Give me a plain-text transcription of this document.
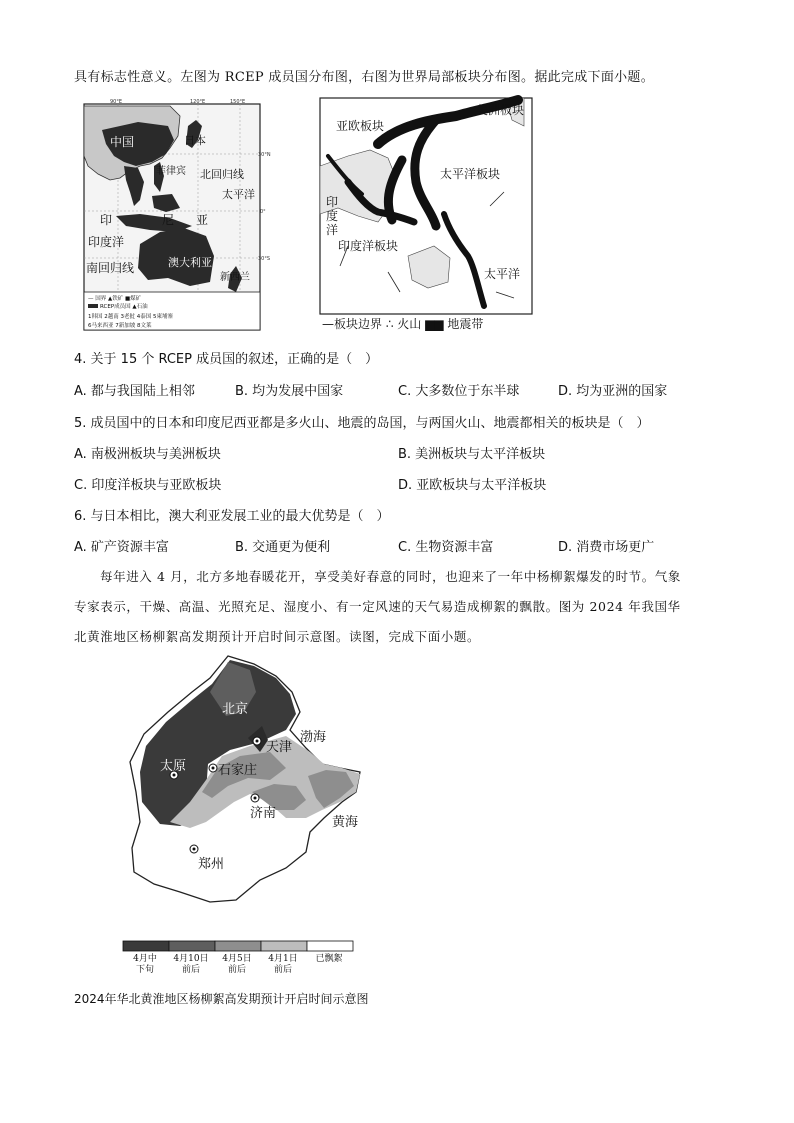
具有标志性意义。左图为 RCEP 成员国分布图，右图为世界局部板块分布图。据此完成下面小题。
90°E	120°E	150°E
30°N
0°
30°S
中国	日本
北回归线
菲律宾
太平洋
印	尼 亚
印度洋
南回归线	澳大利亚
新西兰
— 国界 ▲铁矿 ■煤矿
RCEP成员国 ▲石油
1韩国 2越南 3老挝 4泰国 5柬埔寨
6马来西亚 7新加坡 8文莱
美洲板块
亚欧板块
太平洋板块
印
度
洋
印度洋板块
太平洋
—板块边界 ∴ 火山 ▆▆ 地震带
4. 关于 15 个 RCEP 成员国的叙述，正确的是（　）
A. 都与我国陆上相邻	B. 均为发展中国家	C. 大多数位于东半球	D. 均为亚洲的国家
5. 成员国中的日本和印度尼西亚都是多火山、地震的岛国，与两国火山、地震都相关的板块是（　）
A. 南极洲板块与美洲板块	B. 美洲板块与太平洋板块
C. 印度洋板块与亚欧板块	D. 亚欧板块与太平洋板块
6. 与日本相比，澳大利亚发展工业的最大优势是（　）
A. 矿产资源丰富	B. 交通更为便利	C. 生物资源丰富	D. 消费市场更广
每年进入 4 月，北方多地春暖花开，享受美好春意的同时，也迎来了一年中杨柳絮爆发的时节。气象
专家表示，干燥、高温、光照充足、湿度小、有一定风速的天气易造成柳絮的飘散。图为 2024 年我国华
北黄淮地区杨柳絮高发期预计开启时间示意图。读图，完成下面小题。
北京
天津
太原 石家庄
济南
郑州
渤海
黄海
4月中
下旬
4月10日
前后
4月5日
前后
4月1日
前后
已飘絮
2024年华北黄淮地区杨柳絮高发期预计开启时间示意图
